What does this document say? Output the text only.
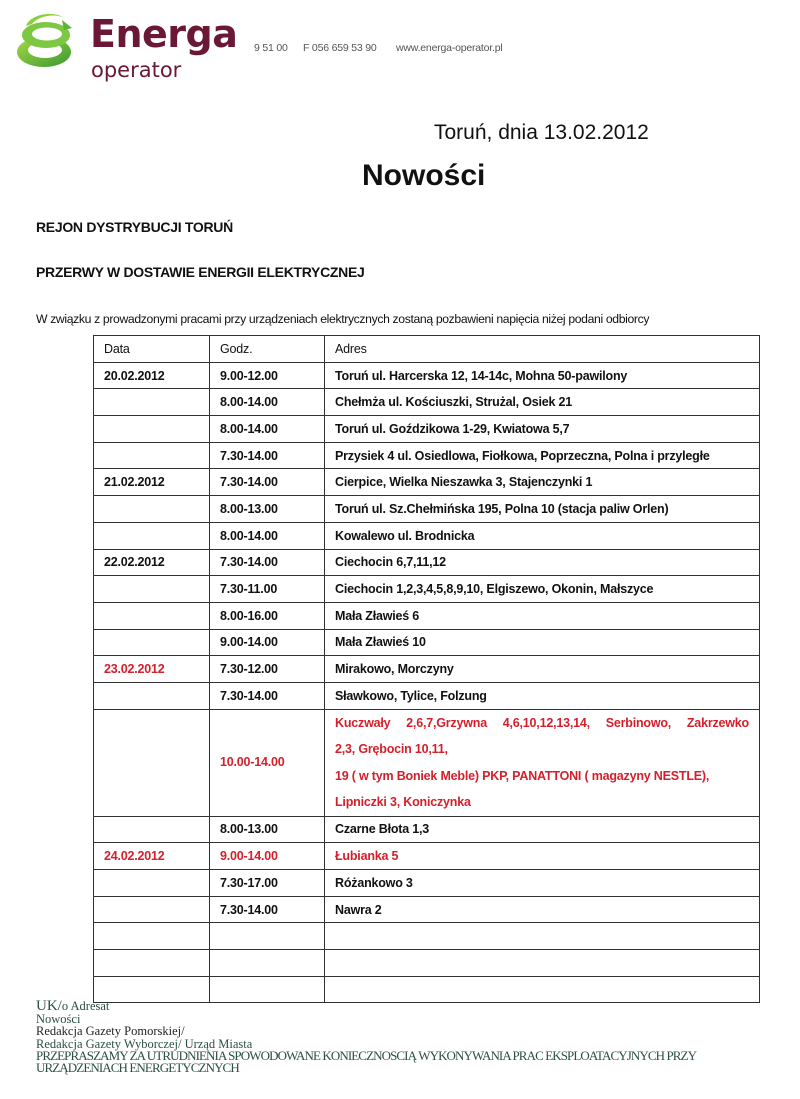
Energa
operator
9 51 00 F 056 659 53 90 www.energa-operator.pl
Toruń, dnia 13.02.2012
Nowości
REJON DYSTRYBUCJI TORUŃ
PRZERWY W DOSTAWIE ENERGII ELEKTRYCZNEJ
W związku z prowadzonymi pracami przy urządzeniach elektrycznych zostaną pozbawieni napięcia niżej podani odbiorcy
Data	Godz.	Adres
20.02.2012	9.00-12.00	Toruń ul. Harcerska 12, 14-14c, Mohna 50-pawilony
	8.00-14.00	Chełmża ul. Kościuszki, Strużal, Osiek 21
	8.00-14.00	Toruń ul. Goździkowa 1-29, Kwiatowa 5,7
	7.30-14.00	Przysiek 4 ul. Osiedlowa, Fiołkowa, Poprzeczna, Polna i przyległe
21.02.2012	7.30-14.00	Cierpice, Wielka Nieszawka 3, Stajenczynki 1
	8.00-13.00	Toruń ul. Sz.Chełmińska 195, Polna 10 (stacja paliw Orlen)
	8.00-14.00	Kowalewo ul. Brodnicka
22.02.2012	7.30-14.00	Ciechocin 6,7,11,12
	7.30-11.00	Ciechocin 1,2,3,4,5,8,9,10, Elgiszewo, Okonin, Małszyce
	8.00-16.00	Mała Zławieś 6
	9.00-14.00	Mała Zławieś 10
23.02.2012	7.30-12.00	Mirakowo, Morczyny
	7.30-14.00	Sławkowo, Tylice, Folzung
	10.00-14.00	Kuczwały 2,6,7,Grzywna 4,6,10,12,13,14, Serbinowo, Zakrzewko
2,3, Grębocin 10,11,
19 ( w tym Boniek Meble) PKP, PANATTONI ( magazyny NESTLE),
Lipniczki 3, Koniczynka

	8.00-13.00	Czarne Błota 1,3
24.02.2012	9.00-14.00	Łubianka 5
	7.30-17.00	Różankowo 3
	7.30-14.00	Nawra 2

UK/o Adresat
Nowości
Redakcja Gazety Pomorskiej/
Redakcja Gazety Wyborczej/ Urząd Miasta
PRZEPRASZAMY ZA UTRUDNIENIA SPOWODOWANE KONIECZNOSCIĄ WYKONYWANIA PRAC EKSPLOATACYJNYCH PRZY
URZĄDZENIACH ENERGETYCZNYCH
